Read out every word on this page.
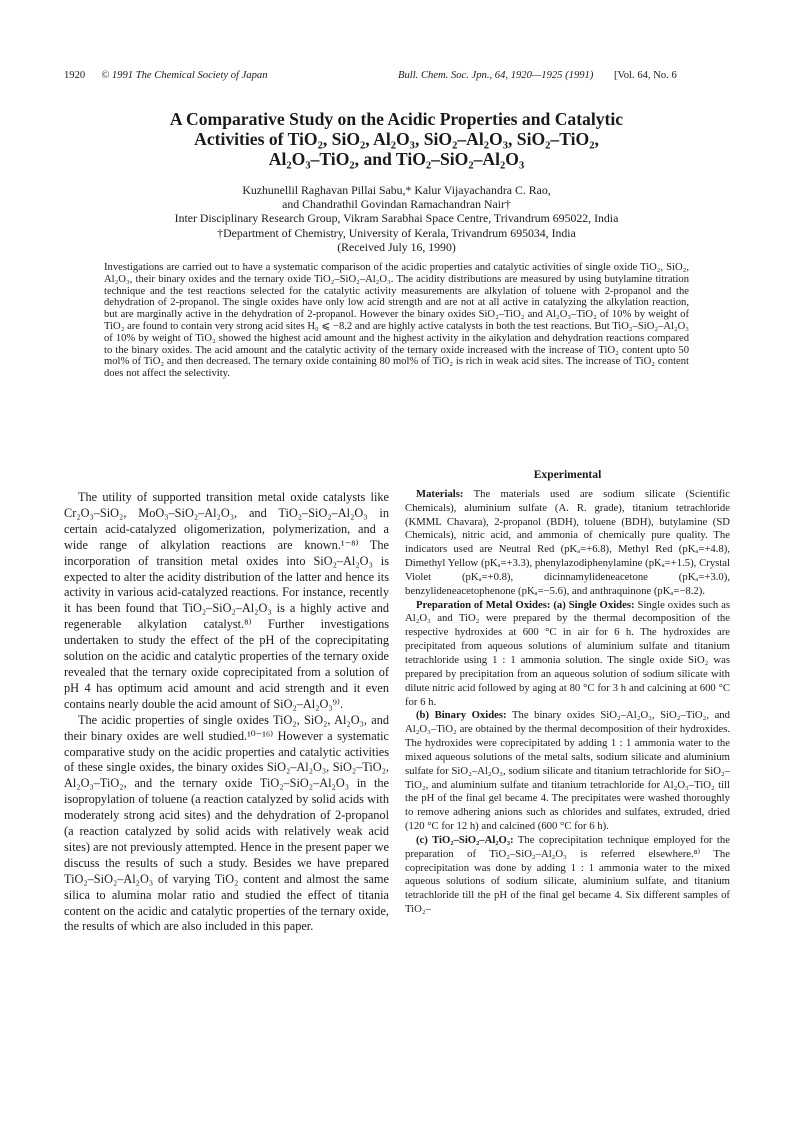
1920 © 1991 The Chemical Society of Japan	Bull. Chem. Soc. Jpn., 64, 1920—1925 (1991) [Vol. 64, No. 6
A Comparative Study on the Acidic Properties and Catalytic
Activities of TiO₂, SiO₂, Al₂O₃, SiO₂–Al₂O₃, SiO₂–TiO₂,
Al₂O₃–TiO₂, and TiO₂–SiO₂–Al₂O₃
Kuzhunellil Raghavan Pillai Sabu,* Kalur Vijayachandra C. Rao,
and Chandrathil Govindan Ramachandran Nair†
Inter Disciplinary Research Group, Vikram Sarabhai Space Centre, Trivandrum 695022, India
†Department of Chemistry, University of Kerala, Trivandrum 695034, India
(Received July 16, 1990)

Investigations are carried out to have a systematic comparison of the acidic properties and catalytic activities of single oxide TiO₂, SiO₂, Al₂O₃, their binary oxides and the ternary oxide TiO₂–SiO₂–Al₂O₃. The acidity distributions are measured by using butylamine titration technique and the test reactions selected for the catalytic activity measurements are alkylation of toluene with 2-propanol and the dehydration of 2-propanol. The single oxides have only low acid strength and are not at all active in catalyzing the alkylation reaction, but are marginally active in the dehydration of 2-propanol. However the binary oxides SiO₂–TiO₂ and Al₂O₃–TiO₂ of 10% by weight of TiO₂ are found to contain very strong acid sites H₀ ⩽ −8.2 and are highly active catalysts in both the test reactions. But TiO₂–SiO₂–Al₂O₃ of 10% by weight of TiO₂ showed the highest acid amount and the highest activity in the aikylation and dehydration reactions compared to the binary oxides. The acid amount and the catalytic activity of the ternary oxide increased with the increase of TiO₂ content upto 50 mol% of TiO₂ and then decreased. The ternary oxide containing 80 mol% of TiO₂ is rich in weak acid sites. The increase of TiO₂ content does not affect the selectivity.

The utility of supported transition metal oxide catalysts like Cr₂O₃–SiO₂, MoO₃–SiO₂–Al₂O₃, and TiO₂–SiO₂–Al₂O₃ in certain acid-catalyzed oligomerization, polymerization, and a wide range of alkylation reactions are known.¹⁻⁸⁾ The incorporation of transition metal oxides into SiO₂–Al₂O₃ is expected to alter the acidity distribution of the latter and hence its activity in various acid-catalyzed reactions. For instance, recently it has been found that TiO₂–SiO₂–Al₂O₃ is a highly active and regenerable alkylation catalyst.⁸⁾ Further investigations undertaken to study the effect of the pH of the coprecipitating solution on the acidic and catalytic properties of the ternary oxide revealed that the ternary oxide coprecipitated from a solution of pH 4 has optimum acid amount and acid strength and it even contains nearly double the acid amount of SiO₂–Al₂O₃⁹⁾.

The acidic properties of single oxides TiO₂, SiO₂, Al₂O₃, and their binary oxides are well studied.¹⁰⁻¹⁶⁾ However a systematic comparative study on the acidic properties and catalytic activities of these single oxides, the binary oxides SiO₂–Al₂O₃, SiO₂–TiO₂, Al₂O₃–TiO₂, and the ternary oxide TiO₂–SiO₂–Al₂O₃ in the isopropylation of toluene (a reaction catalyzed by solid acids with moderately strong acid sites) and the dehydration of 2-propanol (a reaction catalyzed by solid acids with relatively weak acid sites) are not previously attempted. Hence in the present paper we discuss the results of such a study. Besides we have prepared TiO₂–SiO₂–Al₂O₃ of varying TiO₂ content and almost the same silica to alumina molar ratio and studied the effect of titania content on the acidic and catalytic properties of the ternary oxide, the results of which are also included in this paper.

Experimental

Materials: The materials used are sodium silicate (Scientific Chemicals), aluminium sulfate (A. R. grade), titanium tetrachloride (KMML Chavara), 2-propanol (BDH), toluene (BDH), butylamine (SD Chemicals), nitric acid, and ammonia of chemically pure quality. The indicators used are Neutral Red (pKₐ=+6.8), Methyl Red (pKₐ=+4.8), Dimethyl Yellow (pKₐ=+3.3), phenylazodiphenylamine (pKₐ=+1.5), Crystal Violet (pKₐ=+0.8), dicinnamylideneacetone (pKₐ=+3.0), benzylideneacetophenone (pKₐ=−5.6), and anthraquinone (pKₐ=−8.2).

Preparation of Metal Oxides: (a) Single Oxides: Single oxides such as Al₂O₃ and TiO₂ were prepared by the thermal decomposition of the respective hydroxides at 600 °C in air for 6 h. The hydroxides are precipitated from aqueous solutions of aluminium sulfate and titanium tetrachloride using 1 : 1 ammonia solution. The single oxide SiO₂ was prepared by precipitation from an aqueous solution of sodium silicate with dilute nitric acid followed by aging at 80 °C for 3 h and calcining at 600 °C for 6 h.

(b) Binary Oxides: The binary oxides SiO₂–Al₂O₃, SiO₂–TiO₂, and Al₂O₃–TiO₂ are obtained by the thermal decomposition of their hydroxides. The hydroxides were coprecipitated by adding 1 : 1 ammonia water to the mixed aqueous solutions of the metal salts, sodium silicate and aluminium sulfate for SiO₂–Al₂O₃, sodium silicate and titanium tetrachloride for SiO₂–TiO₂, and aluminium sulfate and titanium tetrachloride for Al₂O₃–TiO₂ till the pH of the final gel became 4. The precipitates were washed thoroughly to remove adhering anions such as chlorides and sulfates, extruded, dried (120 °C for 12 h) and calcined (600 °C for 6 h).

(c) TiO₂–SiO₂–Al₂O₃: The coprecipitation technique employed for the preparation of TiO₂–SiO₂–Al₂O₃ is referred elsewhere.⁸⁾ The coprecipitation was done by adding 1 : 1 ammonia water to the mixed aqueous solutions of sodium silicate, aluminium sulfate, and titanium tetrachloride till the pH of the final gel became 4. Six different samples of TiO₂–
